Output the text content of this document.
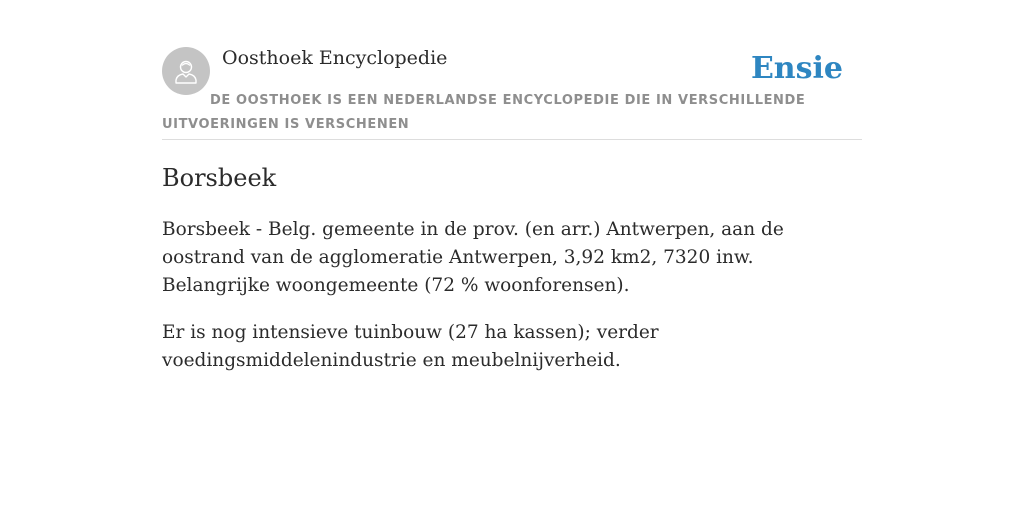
Oosthoek Encyclopedie	Ensie
DE OOSTHOEK IS EEN NEDERLANDSE ENCYCLOPEDIE DIE IN VERSCHILLENDE UITVOERINGEN IS VERSCHENEN
Borsbeek

Borsbeek - Belg. gemeente in de prov. (en arr.) Antwerpen, aan de oostrand van de agglomeratie Antwerpen, 3,92 km2, 7320 inw. Belangrijke woongemeente (72 % woonforensen).

Er is nog intensieve tuinbouw (27 ha kassen); verder voedingsmiddelenindustrie en meubelnijverheid.
